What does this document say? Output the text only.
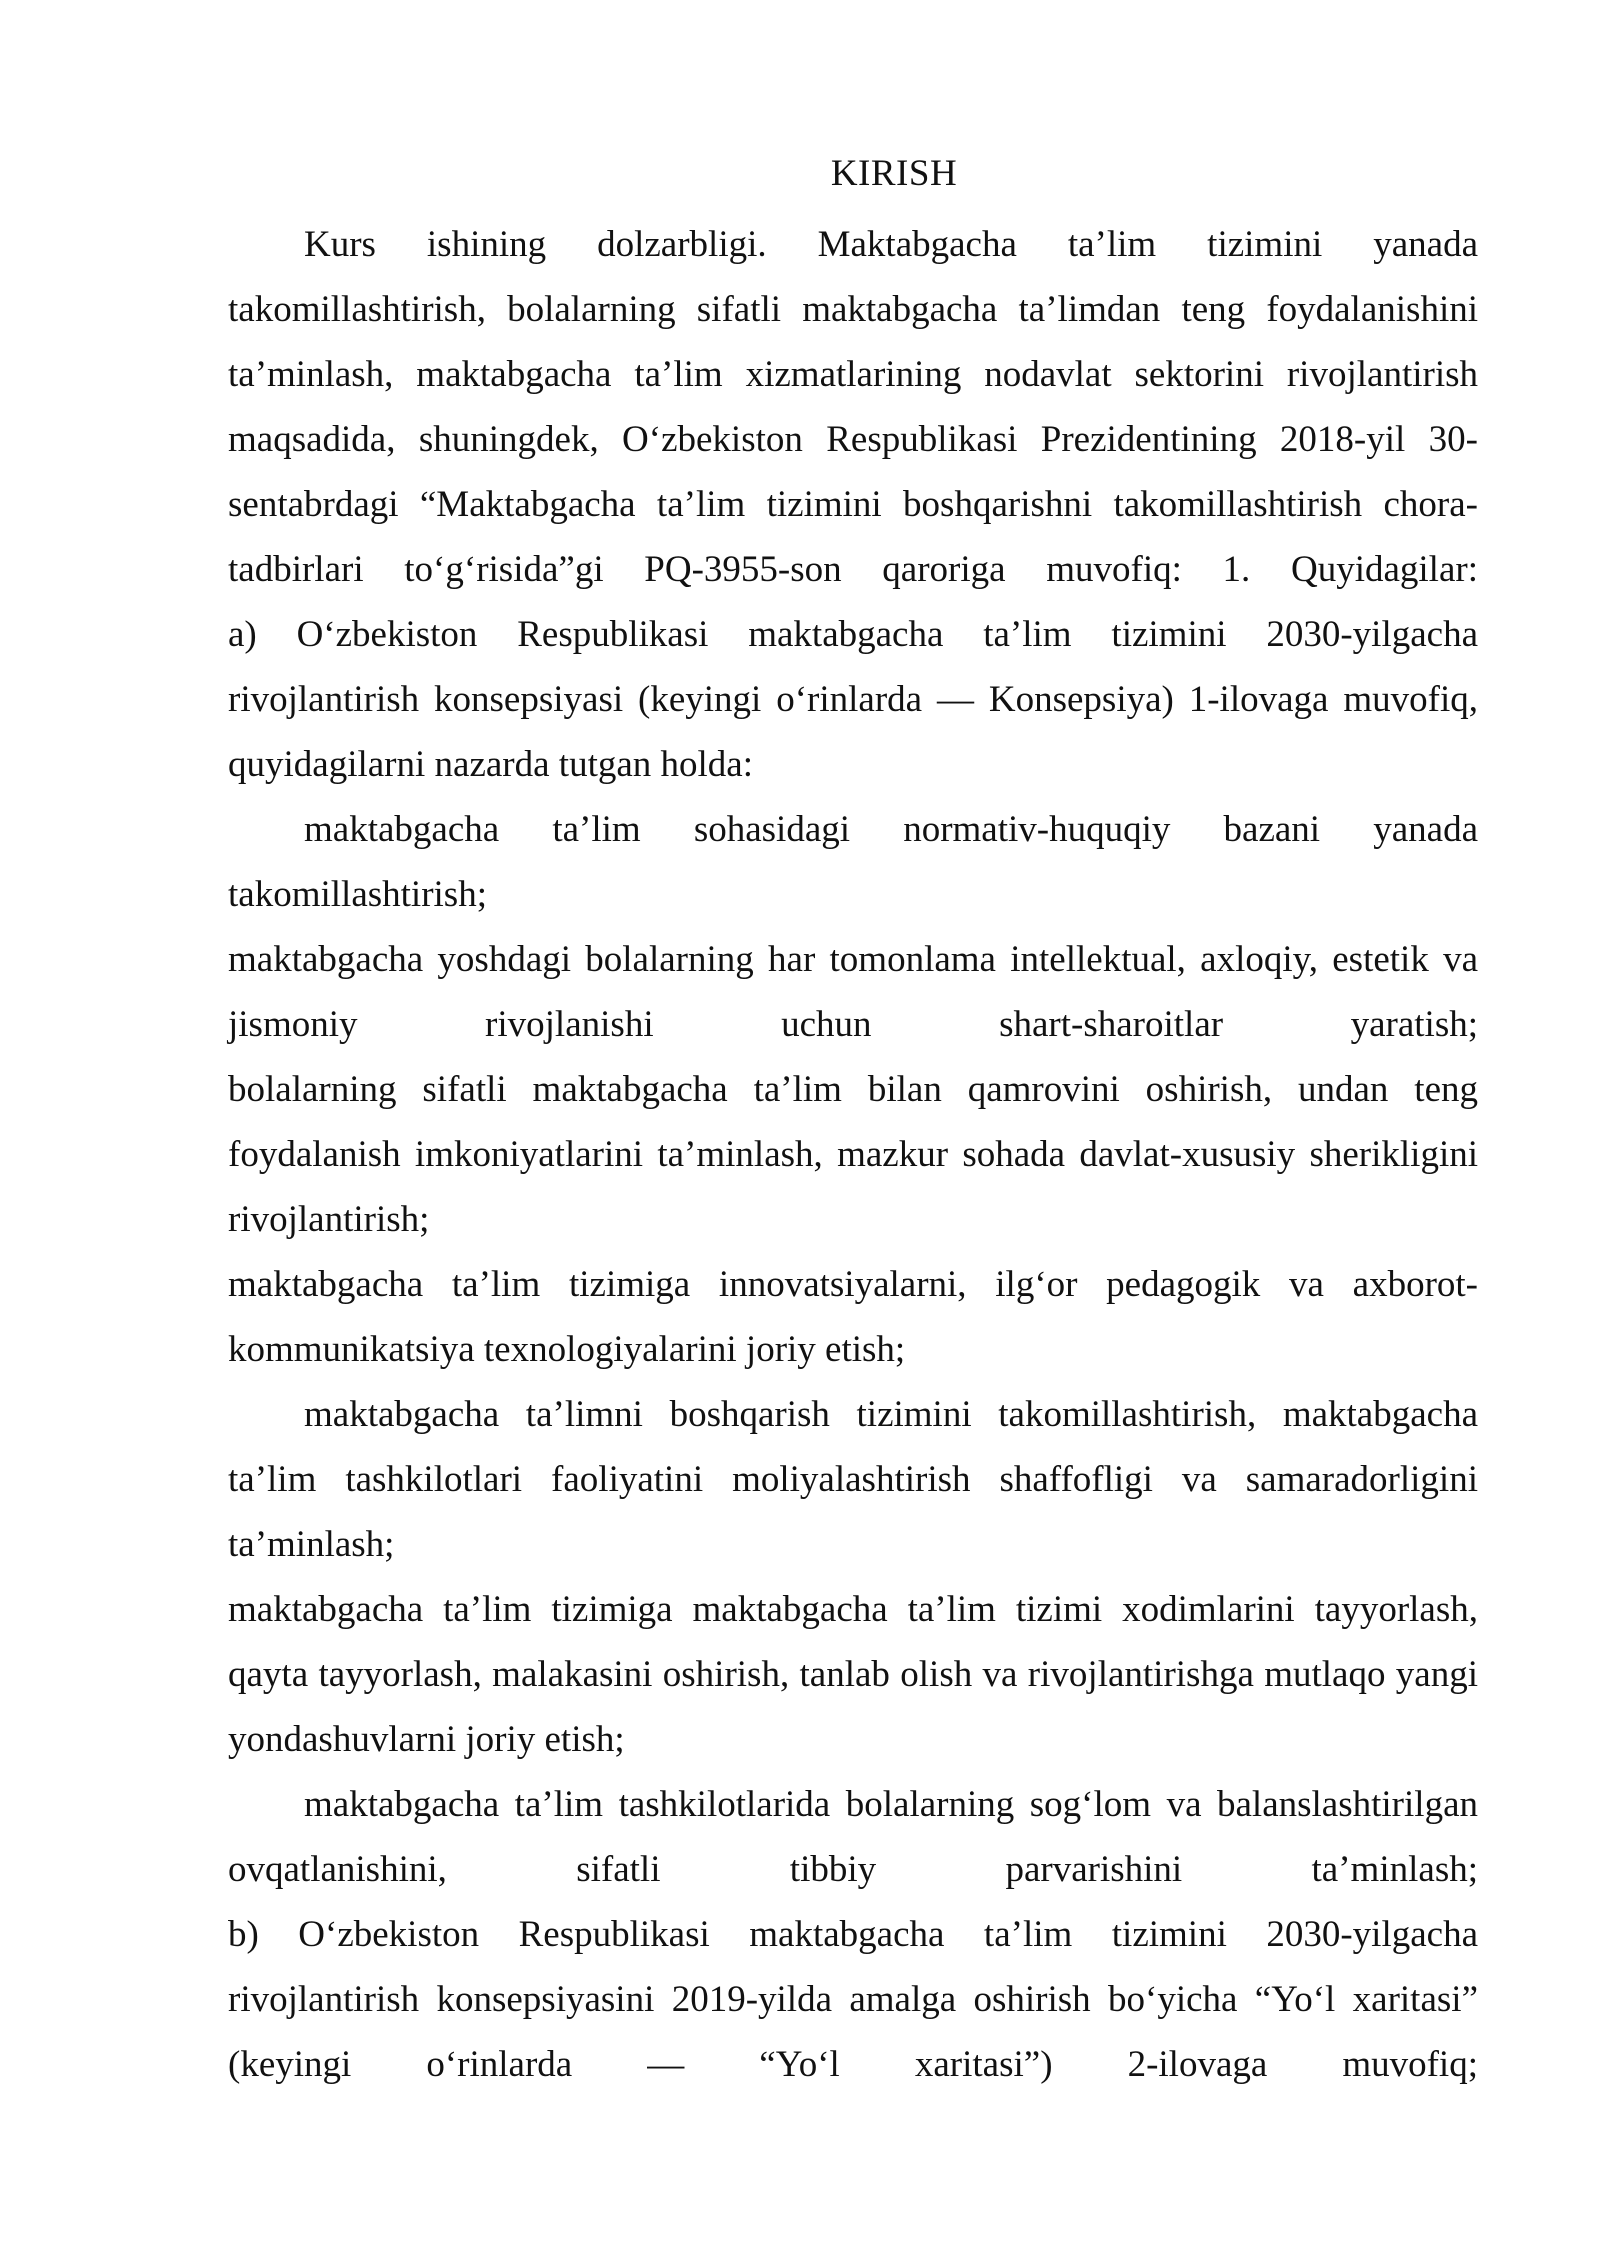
KIRISH

Kurs ishining dolzarbligi. Maktabgacha ta’lim tizimini yanada

takomillashtirish, bolalarning sifatli maktabgacha ta’limdan teng foydalanishini

ta’minlash, maktabgacha ta’lim xizmatlarining nodavlat sektorini rivojlantirish

maqsadida, shuningdek, O‘zbekiston Respublikasi Prezidentining 2018-yil 30-

sentabrdagi “Maktabgacha ta’lim tizimini boshqarishni takomillashtirish chora-

tadbirlari to‘g‘risida”gi PQ-3955-son qaroriga muvofiq: 1. Quyidagilar:

a) O‘zbekiston Respublikasi maktabgacha ta’lim tizimini 2030-yilgacha

rivojlantirish konsepsiyasi (keyingi o‘rinlarda — Konsepsiya) 1-ilovaga muvofiq,

quyidagilarni nazarda tutgan holda:

maktabgacha ta’lim sohasidagi normativ-huquqiy bazani yanada

takomillashtirish;

maktabgacha yoshdagi bolalarning har tomonlama intellektual, axloqiy, estetik va

jismoniy rivojlanishi uchun shart-sharoitlar yaratish;

bolalarning sifatli maktabgacha ta’lim bilan qamrovini oshirish, undan teng

foydalanish imkoniyatlarini ta’minlash, mazkur sohada davlat-xususiy sherikligini

rivojlantirish;

maktabgacha ta’lim tizimiga innovatsiyalarni, ilg‘or pedagogik va axborot-

kommunikatsiya texnologiyalarini joriy etish;

maktabgacha ta’limni boshqarish tizimini takomillashtirish, maktabgacha

ta’lim tashkilotlari faoliyatini moliyalashtirish shaffofligi va samaradorligini

ta’minlash;

maktabgacha ta’lim tizimiga maktabgacha ta’lim tizimi xodimlarini tayyorlash,

qayta tayyorlash, malakasini oshirish, tanlab olish va rivojlantirishga mutlaqo yangi

yondashuvlarni joriy etish;

maktabgacha ta’lim tashkilotlarida bolalarning sog‘lom va balanslashtirilgan

ovqatlanishini, sifatli tibbiy parvarishini ta’minlash;

b) O‘zbekiston Respublikasi maktabgacha ta’lim tizimini 2030-yilgacha

rivojlantirish konsepsiyasini 2019-yilda amalga oshirish bo‘yicha “Yo‘l xaritasi”

(keyingi o‘rinlarda — “Yo‘l xaritasi”) 2-ilovaga muvofiq;
